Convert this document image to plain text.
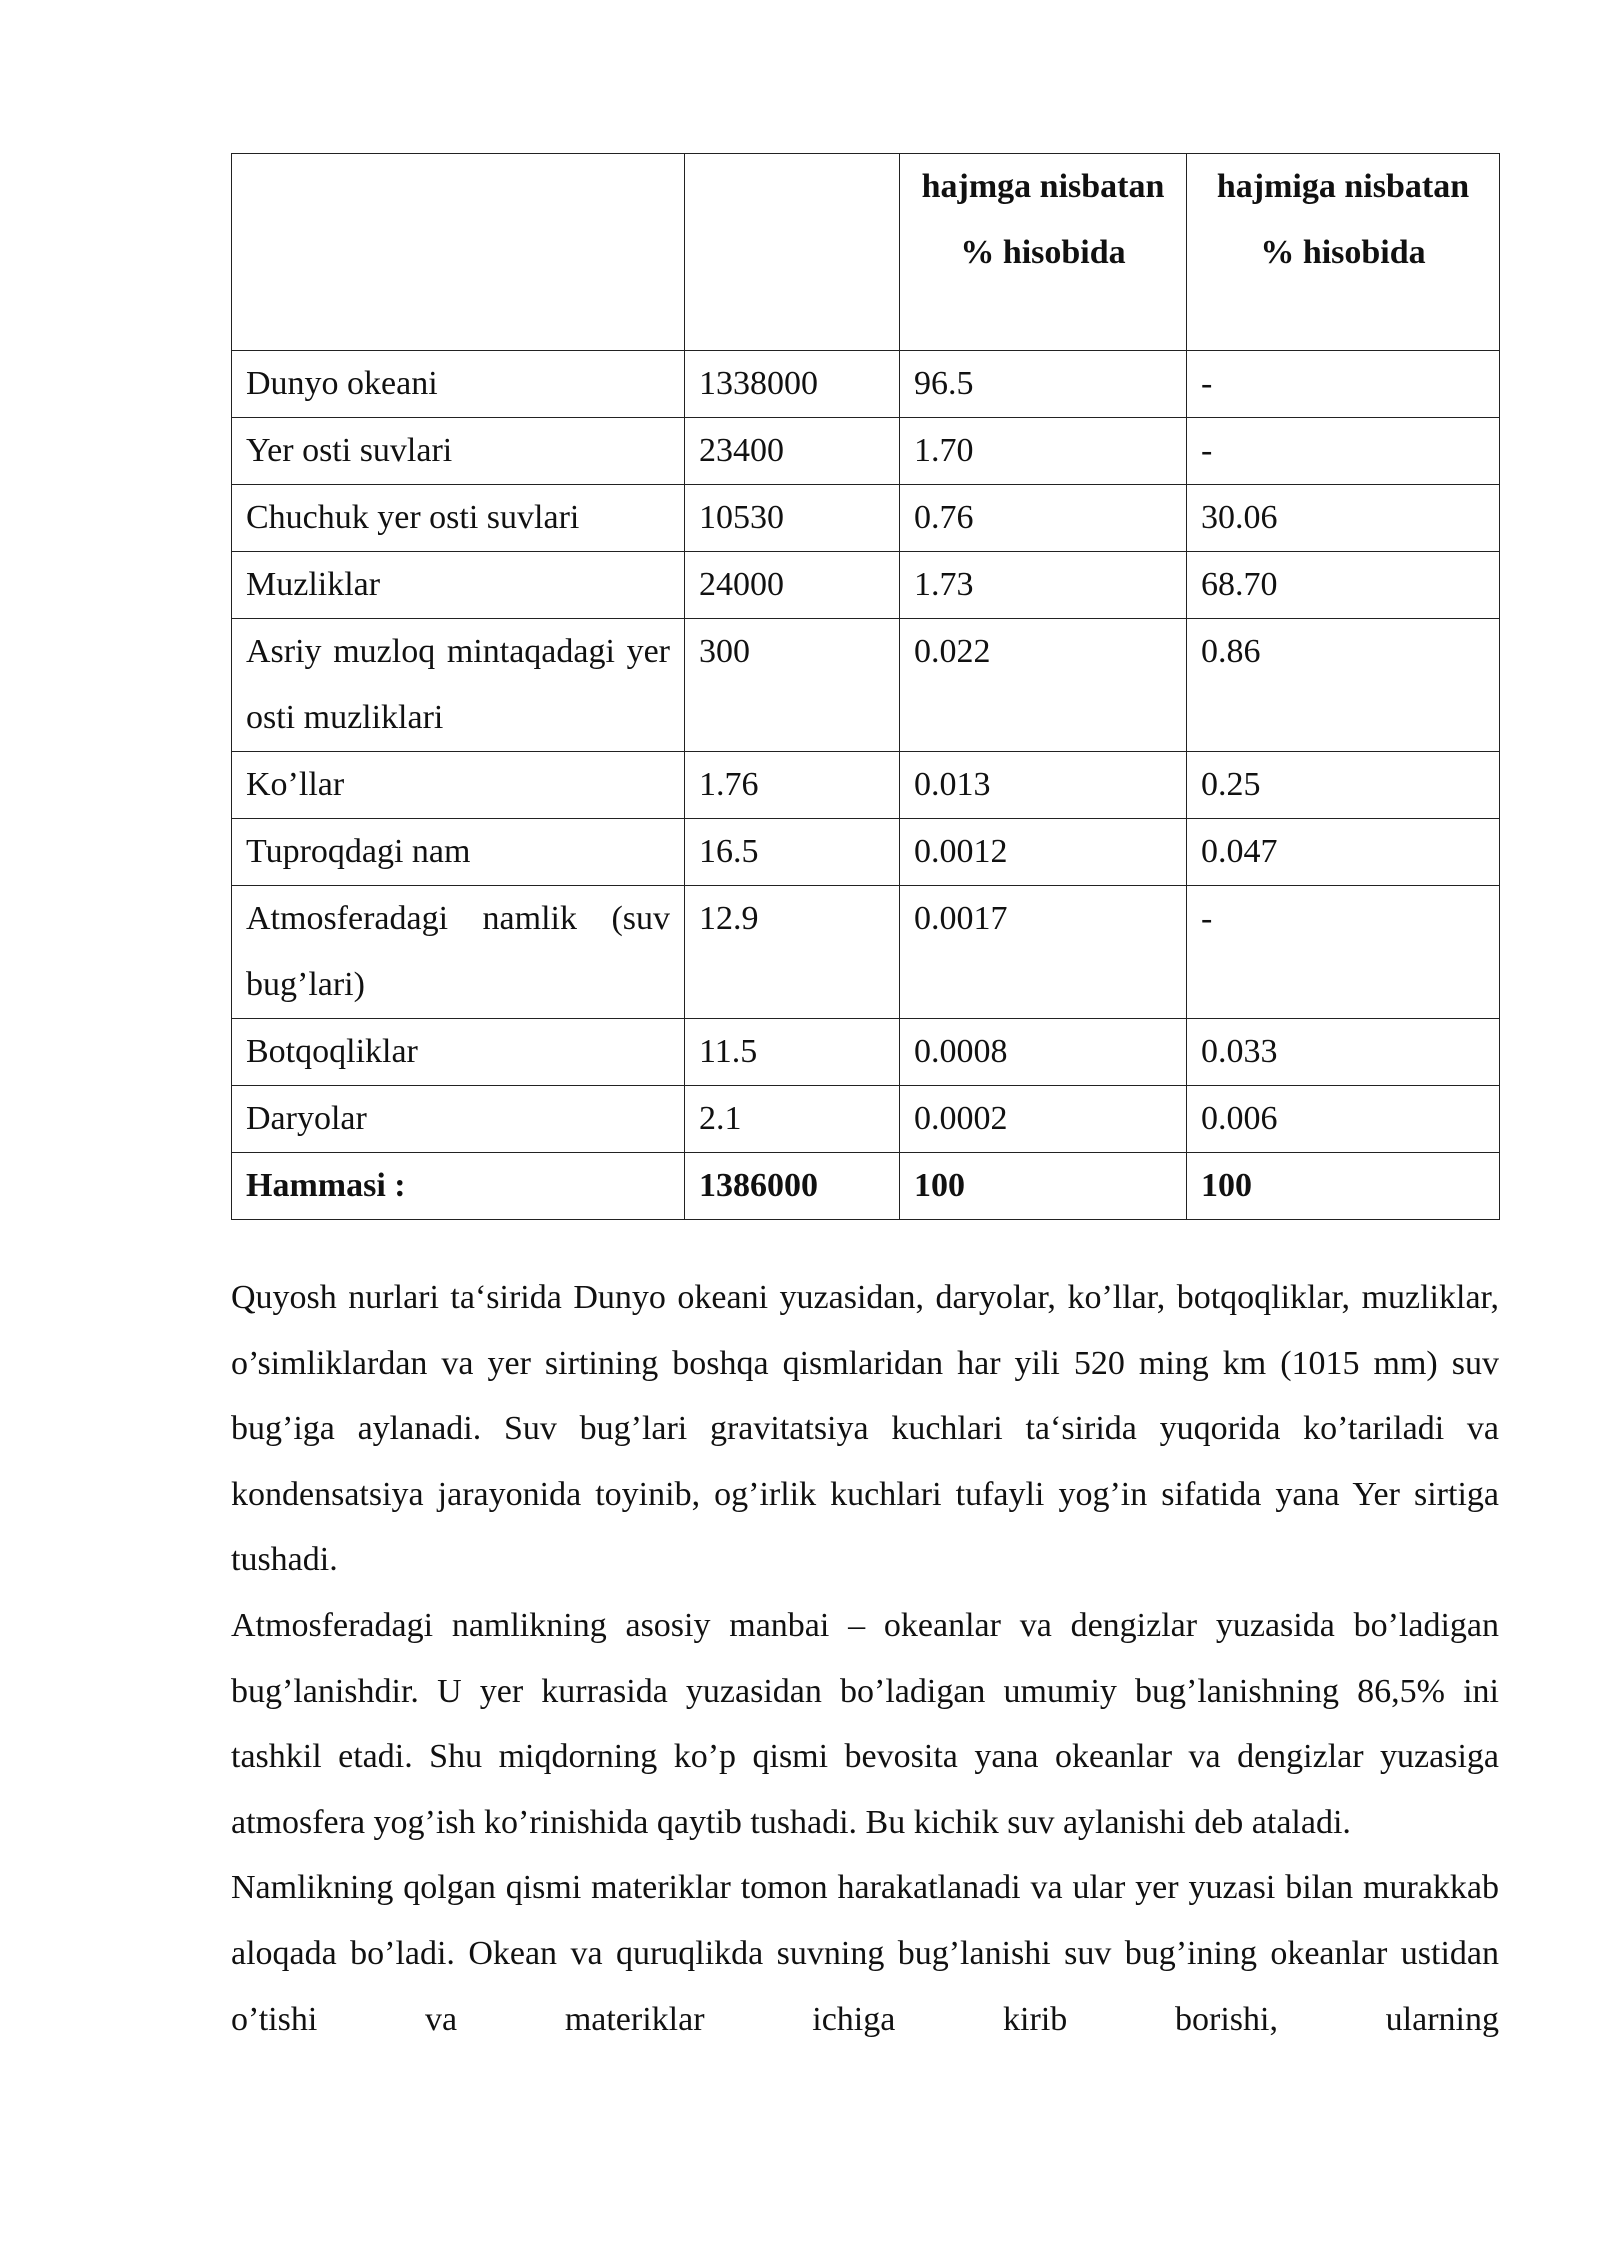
		hajmga nisbatan % hisobida	hajmiga nisbatan % hisobida
Dunyo okeani	1338000	96.5	-
Yer osti suvlari	23400	1.70	-
Chuchuk yer osti suvlari	10530	0.76	30.06
Muzliklar	24000	1.73	68.70
Asriy muzloq mintaqadagi yer osti muzliklari	300	0.022	0.86
Ko’llar	1.76	0.013	0.25
Tuproqdagi nam	16.5	0.0012	0.047
Atmosferadagi namlik (suv bug’lari)	12.9	0.0017	-
Botqoqliklar	11.5	0.0008	0.033
Daryolar	2.1	0.0002	0.006
Hammasi :	1386000	100	100

Quyosh nurlari ta‘sirida Dunyo okeani yuzasidan, daryolar, ko’llar, botqoqliklar, muzliklar, o’simliklardan va yer sirtining boshqa qismlaridan har yili 520 ming km (1015 mm) suv bug’iga aylanadi. Suv bug’lari gravitatsiya kuchlari ta‘sirida yuqorida ko’tariladi va kondensatsiya jarayonida toyinib, og’irlik kuchlari tufayli yog’in sifatida yana Yer sirtiga tushadi.

Atmosferadagi namlikning asosiy manbai – okeanlar va dengizlar yuzasida bo’ladigan bug’lanishdir. U yer kurrasida yuzasidan bo’ladigan umumiy bug’lanishning 86,5% ini tashkil etadi. Shu miqdorning ko’p qismi bevosita yana okeanlar va dengizlar yuzasiga atmosfera yog’ish ko’rinishida qaytib tushadi. Bu kichik suv aylanishi deb ataladi.

Namlikning qolgan qismi materiklar tomon harakatlanadi va ular yer yuzasi bilan murakkab aloqada bo’ladi. Okean va quruqlikda suvning bug’lanishi suv bug’ining okeanlar ustidan o’tishi va materiklar ichiga kirib borishi, ularning
